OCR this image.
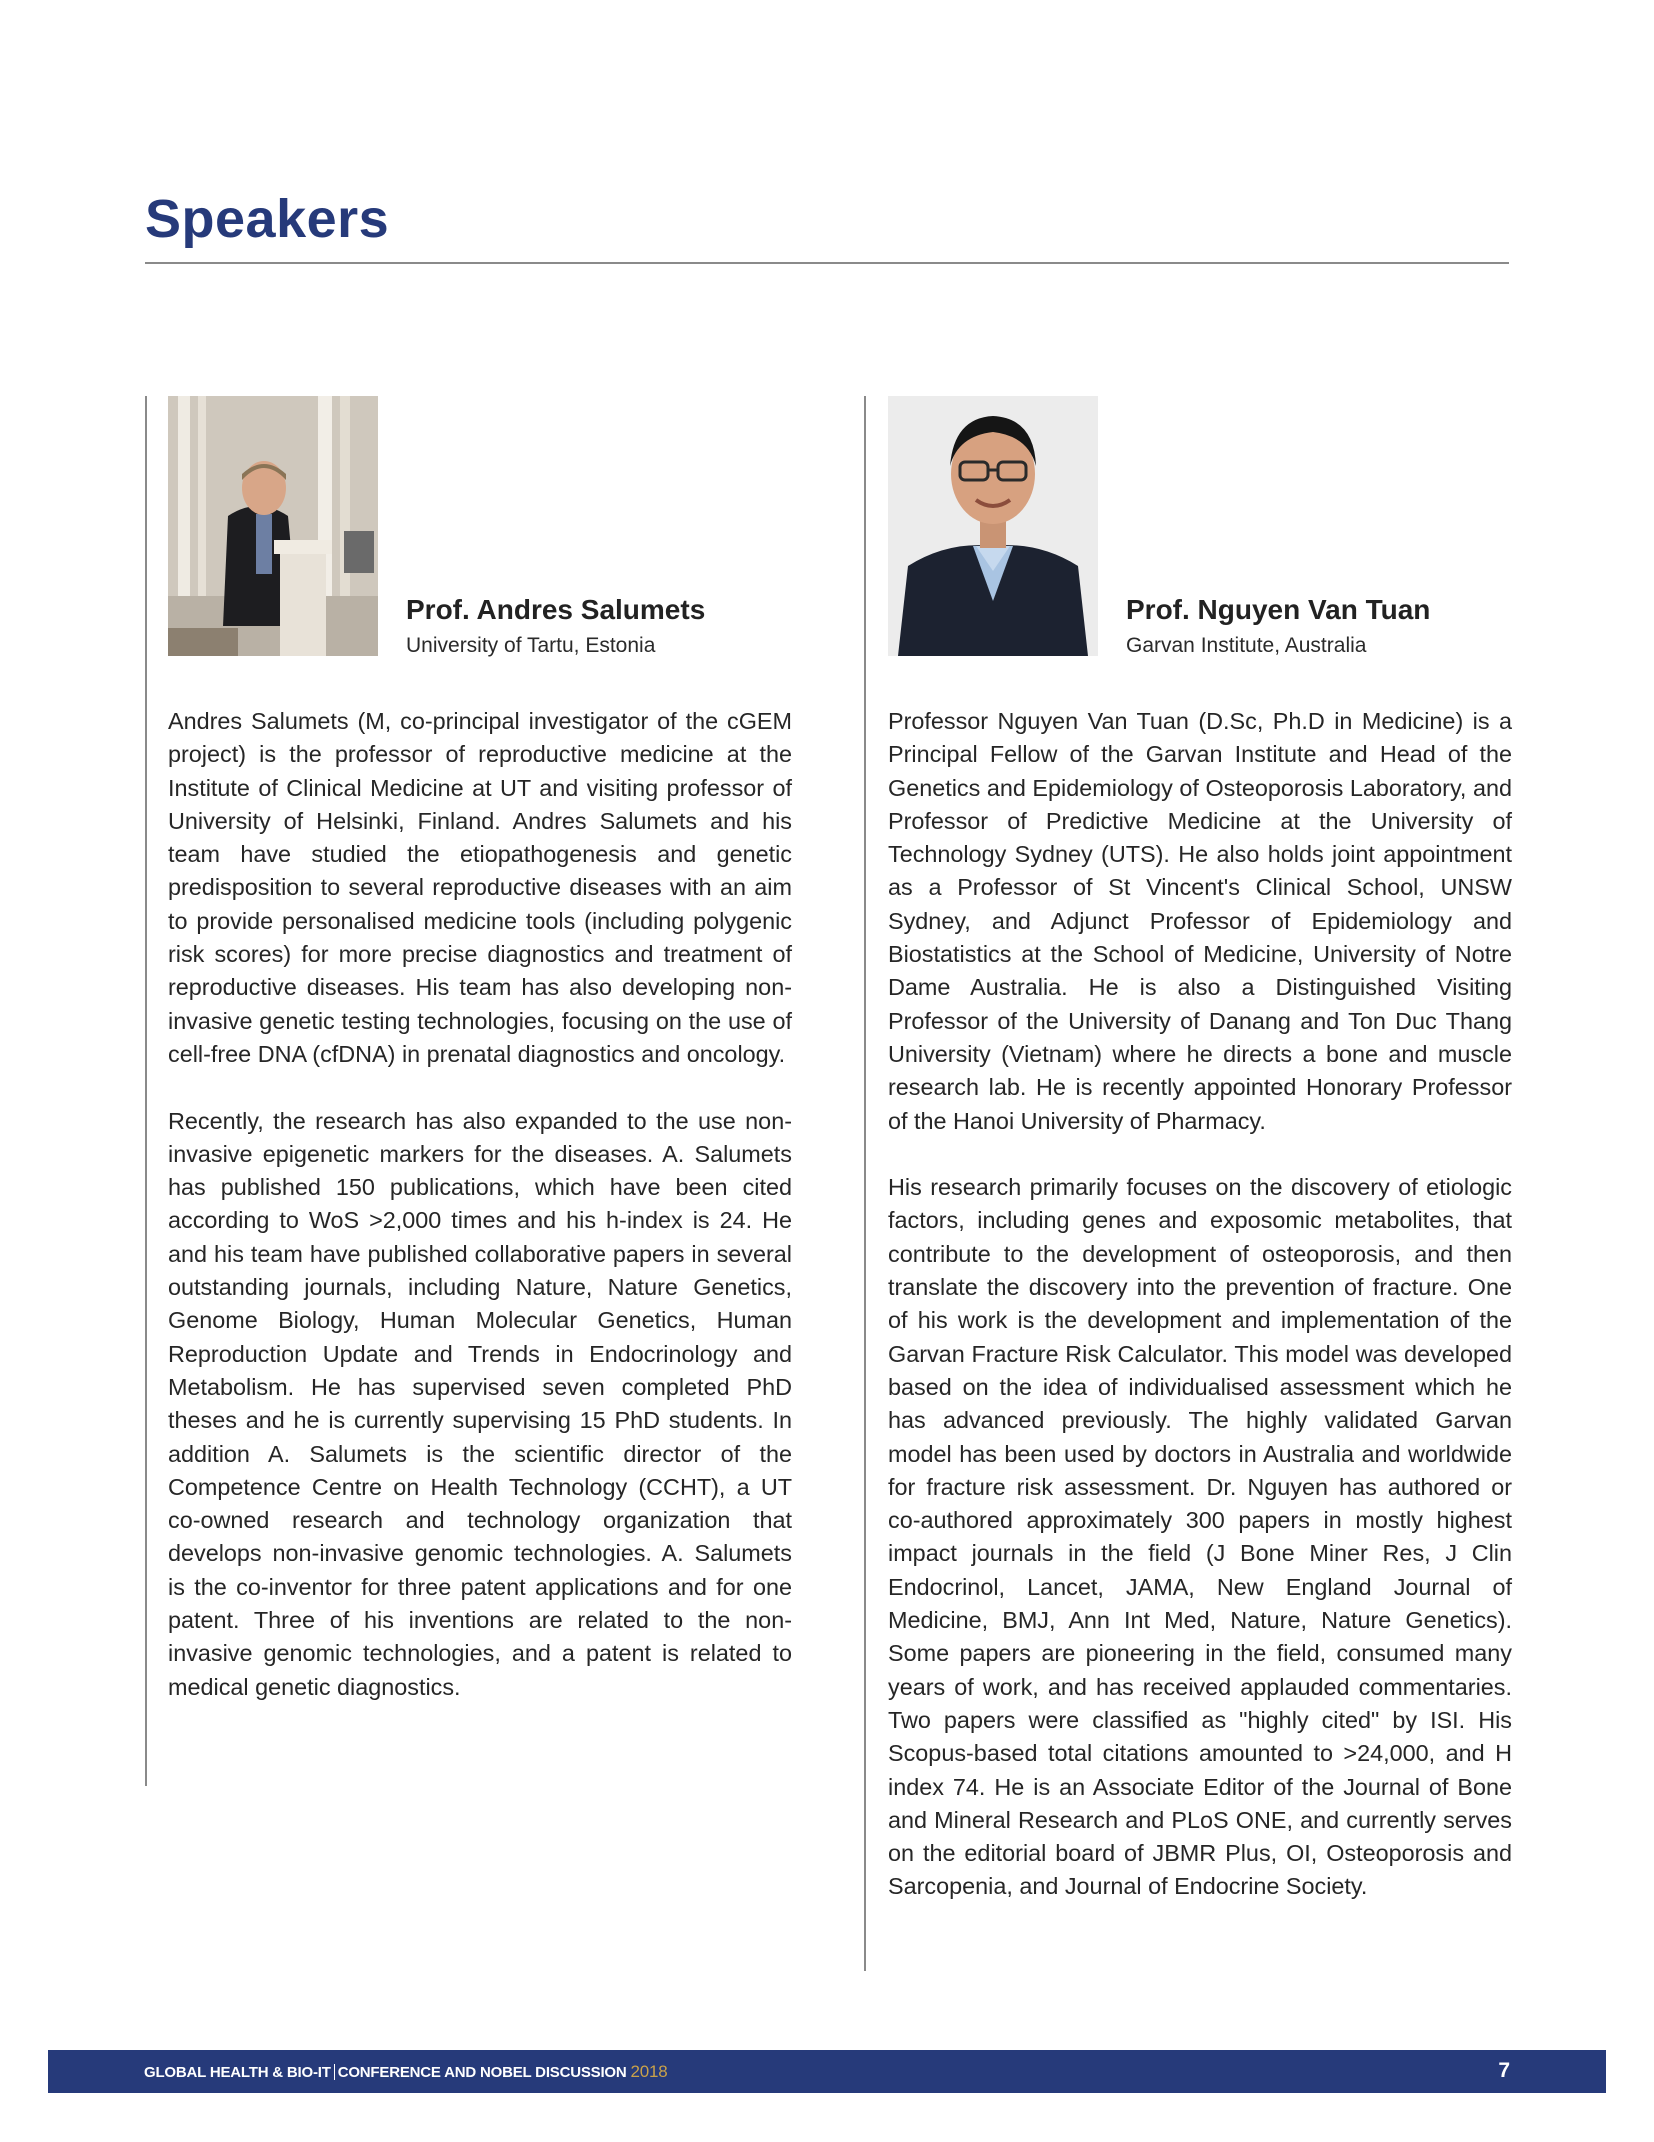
Speakers
Prof. Andres Salumets
University of Tartu, Estonia

Andres Salumets (M, co-principal investigator of the cGEM project) is the professor of reproductive medicine at the Institute of Clinical Medicine at UT and visiting professor of University of Helsinki, Finland. Andres Salumets and his team have studied the etiopathogenesis and genetic predisposition to several reproductive diseases with an aim to provide personalised medicine tools (including polygenic risk scores) for more precise diagnostics and treatment of reproductive diseases. His team has also developing non-invasive genetic testing technologies, focusing on the use of cell-free DNA (cfDNA) in prenatal diagnostics and oncology.

Recently, the research has also expanded to the use non-invasive epigenetic markers for the diseases. A. Salumets has published 150 publications, which have been cited according to WoS >2,000 times and his h-index is 24. He and his team have published collaborative papers in several outstanding journals, including Nature, Nature Genetics, Genome Biology, Human Molecular Genetics, Human Reproduction Update and Trends in Endocrinology and Metabolism. He has supervised seven completed PhD theses and he is currently supervising 15 PhD students. In addition A. Salumets is the scientific director of the Competence Centre on Health Technology (CCHT), a UT co-owned research and technology organization that develops non-invasive genomic technologies. A. Salumets is the co-inventor for three patent applications and for one patent. Three of his inventions are related to the non-invasive genomic technologies, and a patent is related to medical genetic diagnostics.

Prof. Nguyen Van Tuan
Garvan Institute, Australia

Professor Nguyen Van Tuan (D.Sc, Ph.D in Medicine) is a Principal Fellow of the Garvan Institute and Head of the Genetics and Epidemiology of Osteoporosis Laboratory, and Professor of Predictive Medicine at the University of Technology Sydney (UTS). He also holds joint appointment as a Professor of St Vincent's Clinical School, UNSW Sydney, and Adjunct Professor of Epidemiology and Biostatistics at the School of Medicine, University of Notre Dame Australia. He is also a Distinguished Visiting Professor of the University of Danang and Ton Duc Thang University (Vietnam) where he directs a bone and muscle research lab. He is recently appointed Honorary Professor of the Hanoi University of Pharmacy.

His research primarily focuses on the discovery of etiologic factors, including genes and exposomic metabolites, that contribute to the development of osteoporosis, and then translate the discovery into the prevention of fracture. One of his work is the development and implementation of the Garvan Fracture Risk Calculator. This model was developed based on the idea of individualised assessment which he has advanced previously. The highly validated Garvan model has been used by doctors in Australia and worldwide for fracture risk assessment. Dr. Nguyen has authored or co-authored approximately 300 papers in mostly highest impact journals in the field (J Bone Miner Res, J Clin Endocrinol, Lancet, JAMA, New England Journal of Medicine, BMJ, Ann Int Med, Nature, Nature Genetics). Some papers are pioneering in the field, consumed many years of work, and has received applauded commentaries. Two papers were classified as "highly cited" by ISI. His Scopus-based total citations amounted to >24,000, and H index 74. He is an Associate Editor of the Journal of Bone and Mineral Research and PLoS ONE, and currently serves on the editorial board of JBMR Plus, OI, Osteoporosis and Sarcopenia, and Journal of Endocrine Society.

GLOBAL HEALTH & BIO-IT CONFERENCE AND NOBEL DISCUSSION 2018	7
